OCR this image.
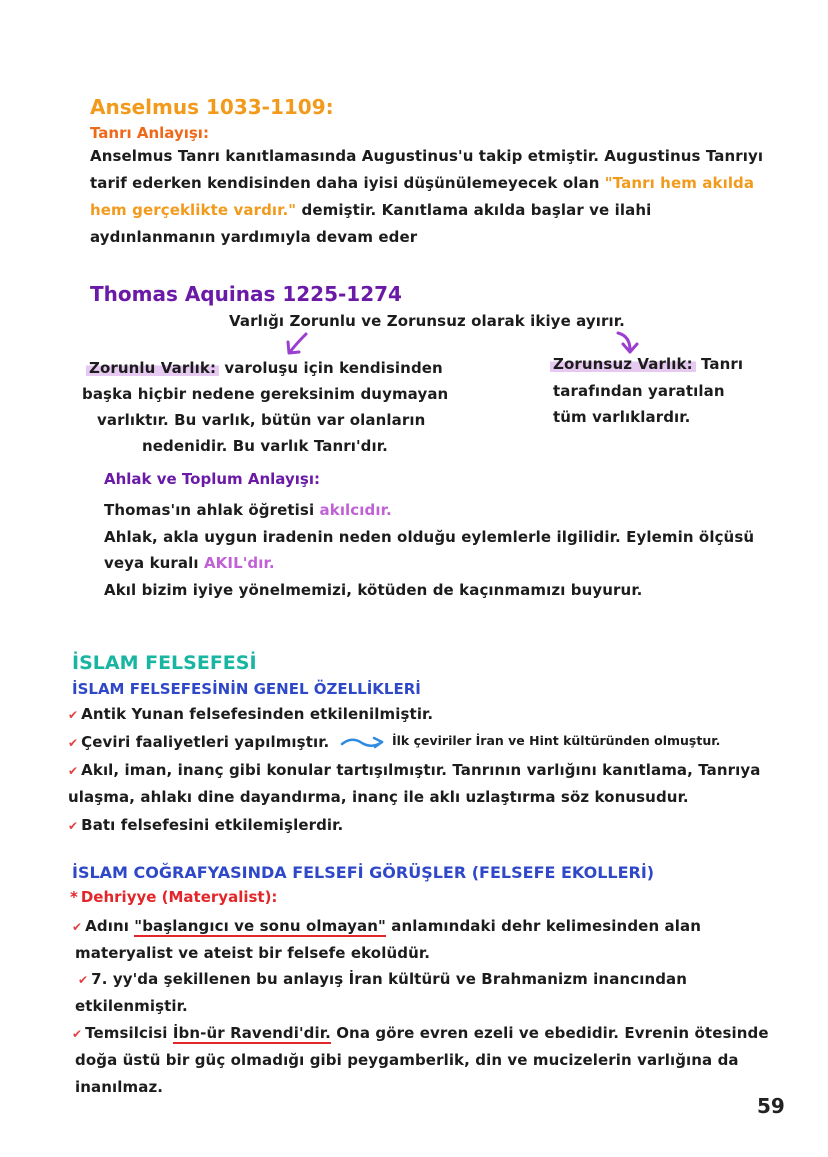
Anselmus 1033-1109:
Tanrı Anlayışı:
Anselmus Tanrı kanıtlamasında Augustinus'u takip etmiştir. Augustinus Tanrıyı
tarif ederken kendisinden daha iyisi düşünülemeyecek olan "Tanrı hem akılda
hem gerçeklikte vardır." demiştir. Kanıtlama akılda başlar ve ilahi
aydınlanmanın yardımıyla devam eder
Thomas Aquinas 1225-1274
Varlığı Zorunlu ve Zorunsuz olarak ikiye ayırır.
Zorunlu Varlık: varoluşu için kendisinden
başka hiçbir nedene gereksinim duymayan
varlıktır. Bu varlık, bütün var olanların
nedenidir. Bu varlık Tanrı'dır.
Zorunsuz Varlık: Tanrı
tarafından yaratılan
tüm varlıklardır.
Ahlak ve Toplum Anlayışı:
Thomas'ın ahlak öğretisi akılcıdır.
Ahlak, akla uygun iradenin neden olduğu eylemlerle ilgilidir. Eylemin ölçüsü
veya kuralı AKIL'dır.
Akıl bizim iyiye yönelmemizi, kötüden de kaçınmamızı buyurur.
İSLAM FELSEFESİ
İSLAM FELSEFESİNİN GENEL ÖZELLİKLERİ
✔ Antik Yunan felsefesinden etkilenilmiştir.
✔ Çeviri faaliyetleri yapılmıştır.	İlk çeviriler İran ve Hint kültüründen olmuştur.
✔ Akıl, iman, inanç gibi konular tartışılmıştır. Tanrının varlığını kanıtlama, Tanrıya
ulaşma, ahlakı dine dayandırma, inanç ile aklı uzlaştırma söz konusudur.
✔ Batı felsefesini etkilemişlerdir.
İSLAM COĞRAFYASINDA FELSEFİ GÖRÜŞLER (FELSEFE EKOLLERİ)
* Dehriyye (Materyalist):
✔ Adını "başlangıcı ve sonu olmayan" anlamındaki dehr kelimesinden alan
materyalist ve ateist bir felsefe ekolüdür.
✔ 7. yy'da şekillenen bu anlayış İran kültürü ve Brahmanizm inancından
etkilenmiştir.
✔ Temsilcisi İbn-ür Ravendi'dir. Ona göre evren ezeli ve ebedidir. Evrenin ötesinde
doğa üstü bir güç olmadığı gibi peygamberlik, din ve mucizelerin varlığına da
inanılmaz.
59
